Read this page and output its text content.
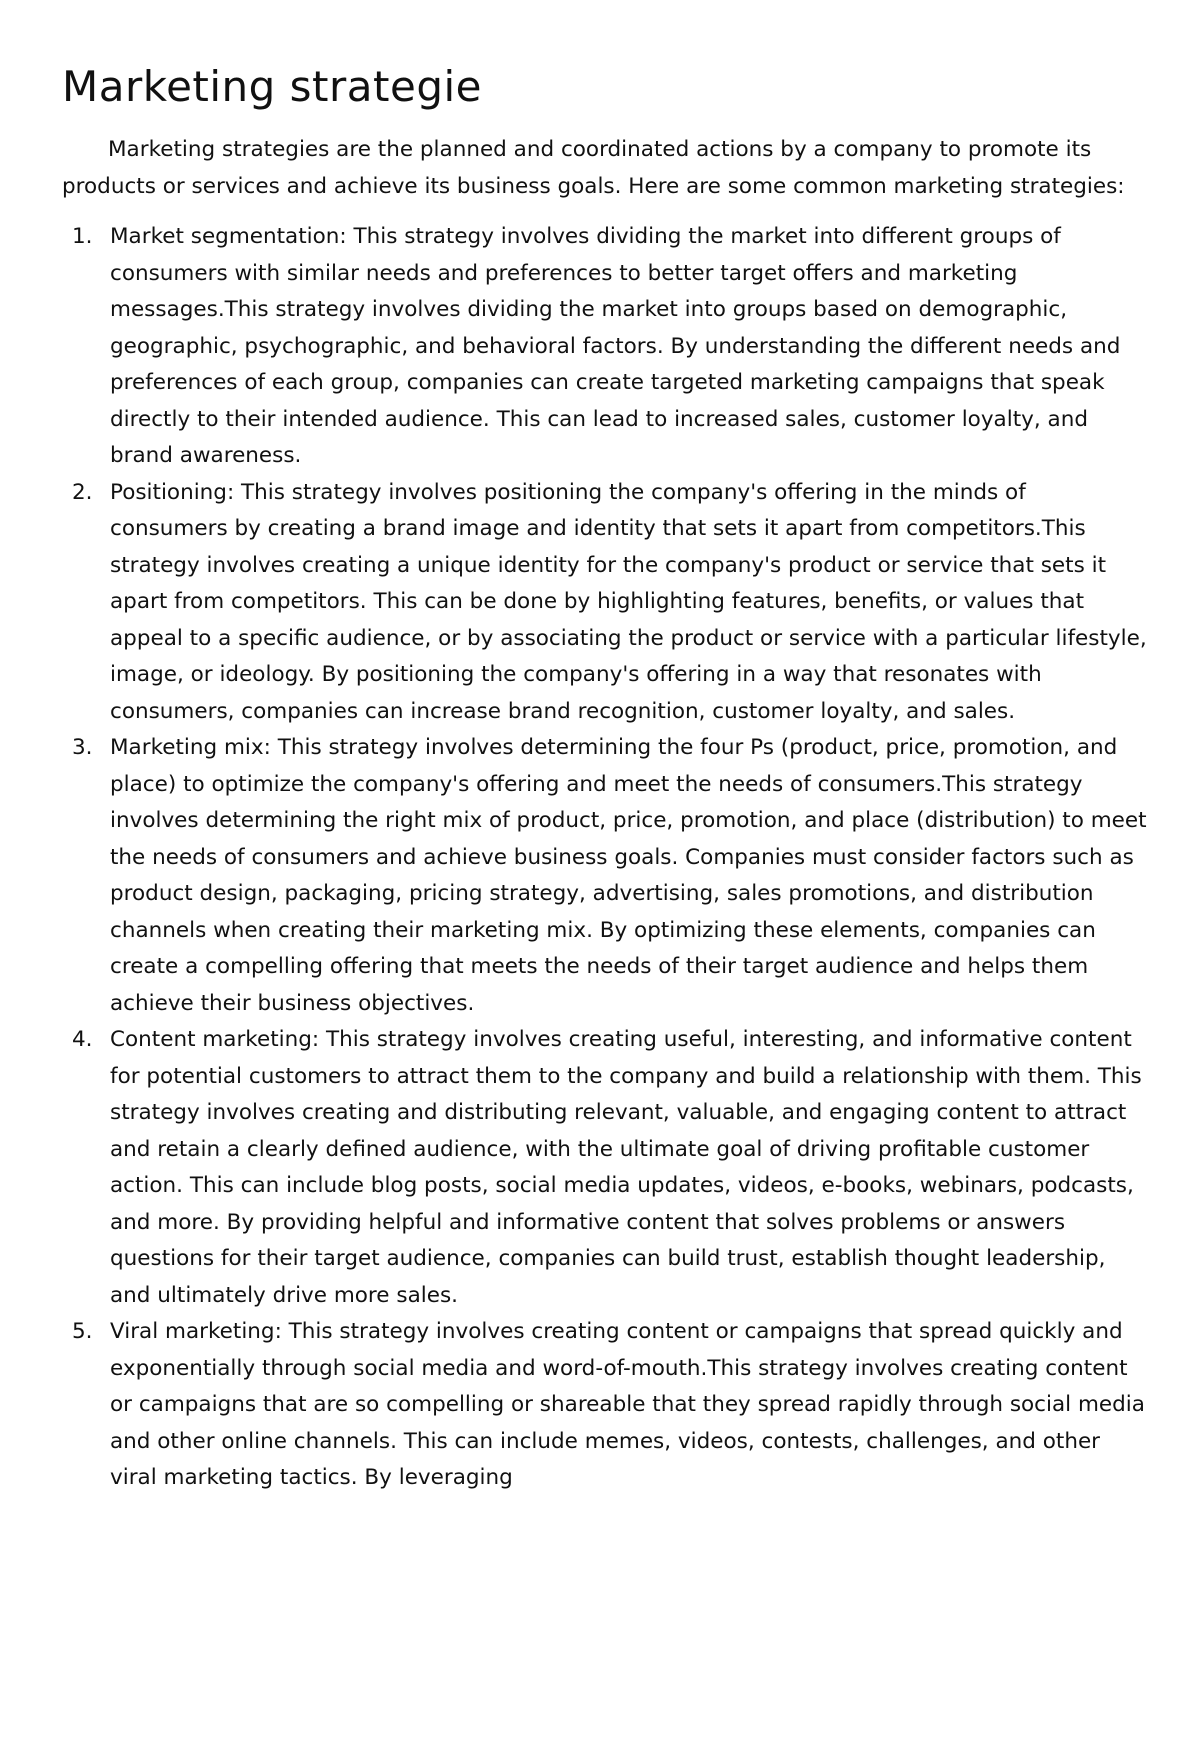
Marketing strategie

Marketing strategies are the planned and coordinated actions by a company to promote its products or services and achieve its business goals. Here are some common marketing strategies:

1. Market segmentation: This strategy involves dividing the market into different groups of consumers with similar needs and preferences to better target offers and marketing messages.This strategy involves dividing the market into groups based on demographic, geographic, psychographic, and behavioral factors. By understanding the different needs and preferences of each group, companies can create targeted marketing campaigns that speak directly to their intended audience. This can lead to increased sales, customer loyalty, and brand awareness.
2. Positioning: This strategy involves positioning the company's offering in the minds of consumers by creating a brand image and identity that sets it apart from competitors.This strategy involves creating a unique identity for the company's product or service that sets it apart from competitors. This can be done by highlighting features, benefits, or values that appeal to a specific audience, or by associating the product or service with a particular lifestyle, image, or ideology. By positioning the company's offering in a way that resonates with consumers, companies can increase brand recognition, customer loyalty, and sales.
3. Marketing mix: This strategy involves determining the four Ps (product, price, promotion, and place) to optimize the company's offering and meet the needs of consumers.This strategy involves determining the right mix of product, price, promotion, and place (distribution) to meet the needs of consumers and achieve business goals. Companies must consider factors such as product design, packaging, pricing strategy, advertising, sales promotions, and distribution channels when creating their marketing mix. By optimizing these elements, companies can create a compelling offering that meets the needs of their target audience and helps them achieve their business objectives.
4. Content marketing: This strategy involves creating useful, interesting, and informative content for potential customers to attract them to the company and build a relationship with them. This strategy involves creating and distributing relevant, valuable, and engaging content to attract and retain a clearly defined audience, with the ultimate goal of driving profitable customer action. This can include blog posts, social media updates, videos, e-books, webinars, podcasts, and more. By providing helpful and informative content that solves problems or answers questions for their target audience, companies can build trust, establish thought leadership, and ultimately drive more sales.
5. Viral marketing: This strategy involves creating content or campaigns that spread quickly and exponentially through social media and word-of-mouth.This strategy involves creating content or campaigns that are so compelling or shareable that they spread rapidly through social media and other online channels. This can include memes, videos, contests, challenges, and other viral marketing tactics. By leveraging
